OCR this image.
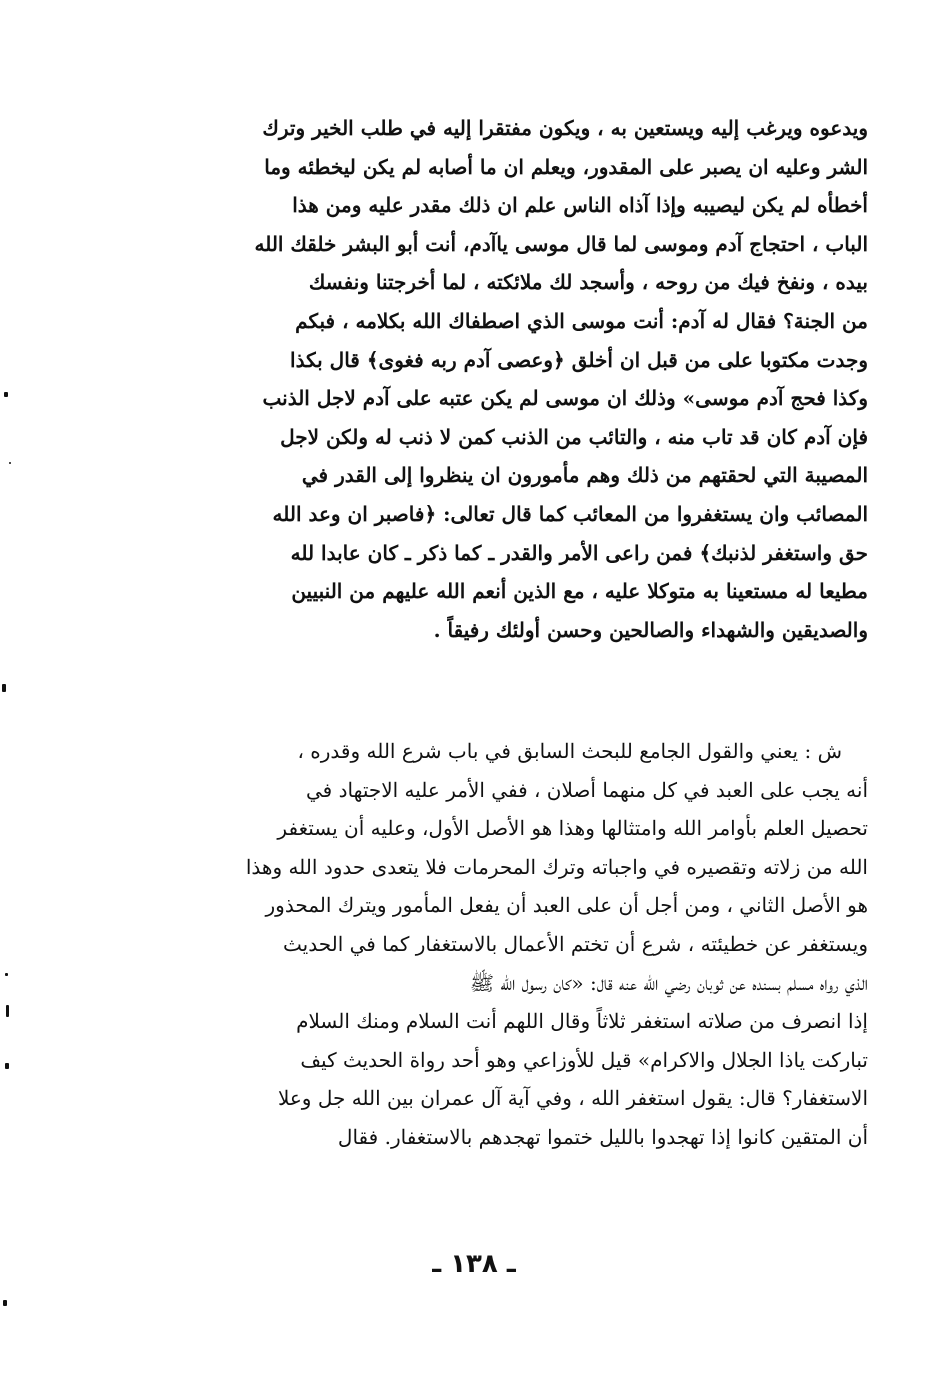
ويدعوه ويرغب إليه ويستعين به ، ويكون مفتقرا إليه في طلب الخير وترك
الشر وعليه ان يصبر على المقدور، ويعلم ان ما أصابه لم يكن ليخطئه وما
أخطأه لم يكن ليصيبه وإذا آذاه الناس علم ان ذلك مقدر عليه ومن هذا
الباب ، احتجاج آدم وموسى لما قال موسى ياآدم، أنت أبو البشر خلقك الله
بيده ، ونفخ فيك من روحه ، وأسجد لك ملائكته ، لما أخرجتنا ونفسك
من الجنة؟ فقال له آدم: أنت موسى الذي اصطفاك الله بكلامه ، فبكم
وجدت مكتوبا على من قبل ان أخلق ﴿وعصى آدم ربه فغوى﴾ قال بكذا
وكذا فحج آدم موسى» وذلك ان موسى لم يكن عتبه على آدم لاجل الذنب
فإن آدم كان قد تاب منه ، والتائب من الذنب كمن لا ذنب له ولكن لاجل
المصيبة التي لحقتهم من ذلك وهم مأمورون ان ينظروا إلى القدر في
المصائب وان يستغفروا من المعائب كما قال تعالى: ﴿فاصبر ان وعد الله
حق واستغفر لذنبك﴾ فمن راعى الأمر والقدر ـ كما ذكر ـ كان عابدا لله
مطيعا له مستعينا به متوكلا عليه ، مع الذين أنعم الله عليهم من النبيين
والصديقين والشهداء والصالحين وحسن أولئك رفيقاً .
ش : يعني والقول الجامع للبحث السابق في باب شرع الله وقدره ،
أنه يجب على العبد في كل منهما أصلان ، ففي الأمر عليه الاجتهاد في
تحصيل العلم بأوامر الله وامتثالها وهذا هو الأصل الأول، وعليه أن يستغفر
الله من زلاته وتقصيره في واجباته وترك المحرمات فلا يتعدى حدود الله وهذا
هو الأصل الثاني ، ومن أجل أن على العبد أن يفعل المأمور ويترك المحذور
ويستغفر عن خطيئته ، شرع أن تختم الأعمال بالاستغفار كما في الحديث
الذي رواه مسلم بسنده عن ثوبان رضي الله عنه قال: «كان رسول الله ﷺ
إذا انصرف من صلاته استغفر ثلاثاً وقال اللهم أنت السلام ومنك السلام
تباركت ياذا الجلال والاكرام» قيل للأوزاعي وهو أحد رواة الحديث كيف
الاستغفار؟ قال: يقول استغفر الله ، وفي آية آل عمران بين الله جل وعلا
أن المتقين كانوا إذا تهجدوا بالليل ختموا تهجدهم بالاستغفار. فقال
ـ ١٣٨ ـ
